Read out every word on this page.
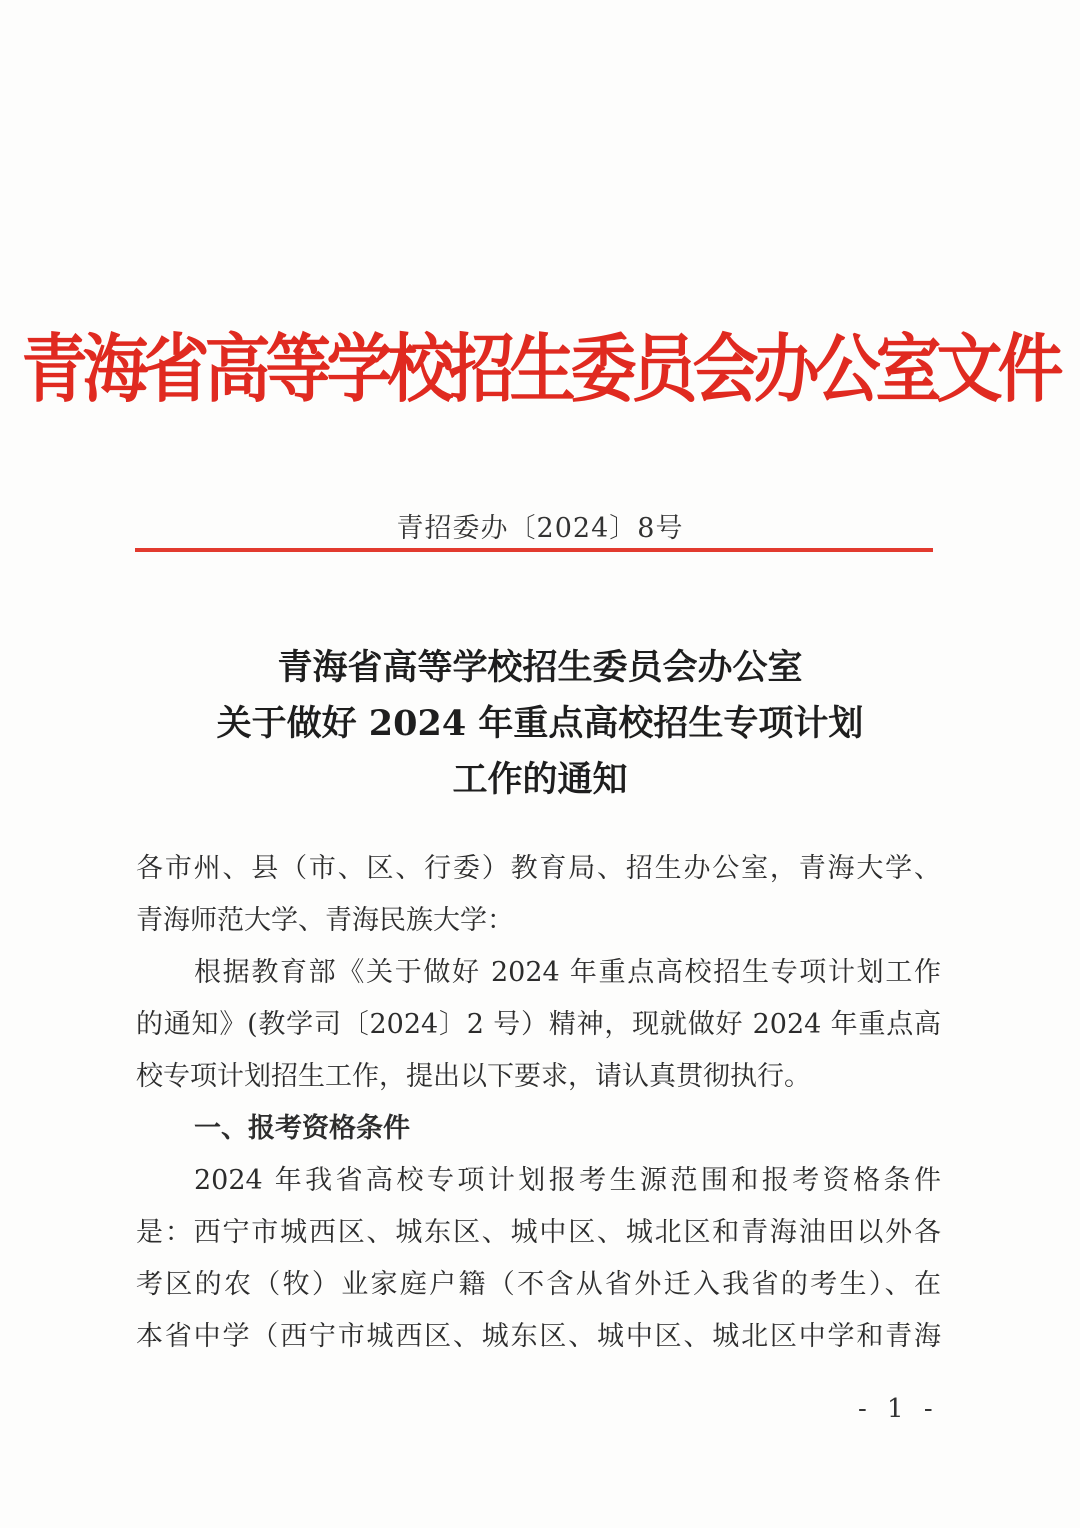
青海省高等学校招生委员会办公室文件
青招委办〔2024〕8号
青海省高等学校招生委员会办公室
关于做好 2024 年重点高校招生专项计划
工作的通知
各市州、县（市、区、行委）教育局、招生办公室，青海大学、
青海师范大学、青海民族大学：
根据教育部《关于做好 2024 年重点高校招生专项计划工作
的通知》(教学司〔2024〕2 号）精神，现就做好 2024 年重点高
校专项计划招生工作，提出以下要求，请认真贯彻执行。
一、报考资格条件
2024 年我省高校专项计划报考生源范围和报考资格条件
是：西宁市城西区、城东区、城中区、城北区和青海油田以外各
考区的农（牧）业家庭户籍（不含从省外迁入我省的考生）、在
本省中学（西宁市城西区、城东区、城中区、城北区中学和青海
- 1 -
